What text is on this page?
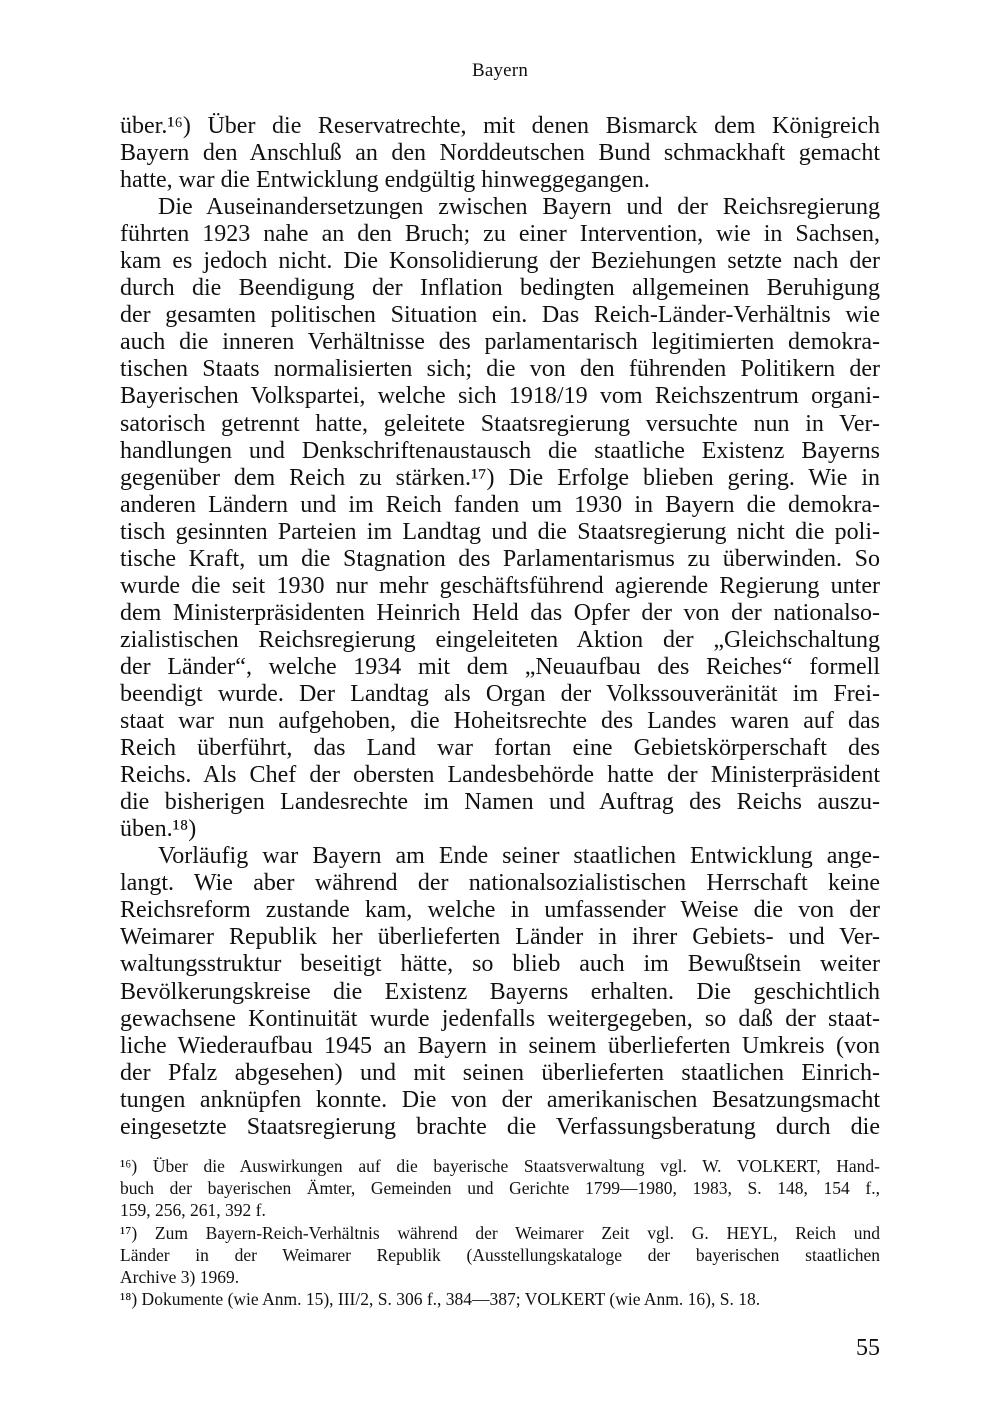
Bayern
über.¹⁶) Über die Reservatrechte, mit denen Bismarck dem Königreich
Bayern den Anschluß an den Norddeutschen Bund schmackhaft gemacht
hatte, war die Entwicklung endgültig hinweggegangen.
Die Auseinandersetzungen zwischen Bayern und der Reichsregierung
führten 1923 nahe an den Bruch; zu einer Intervention, wie in Sachsen,
kam es jedoch nicht. Die Konsolidierung der Beziehungen setzte nach der
durch die Beendigung der Inflation bedingten allgemeinen Beruhigung
der gesamten politischen Situation ein. Das Reich-Länder-Verhältnis wie
auch die inneren Verhältnisse des parlamentarisch legitimierten demokra-
tischen Staats normalisierten sich; die von den führenden Politikern der
Bayerischen Volkspartei, welche sich 1918/19 vom Reichszentrum organi-
satorisch getrennt hatte, geleitete Staatsregierung versuchte nun in Ver-
handlungen und Denkschriftenaustausch die staatliche Existenz Bayerns
gegenüber dem Reich zu stärken.¹⁷) Die Erfolge blieben gering. Wie in
anderen Ländern und im Reich fanden um 1930 in Bayern die demokra-
tisch gesinnten Parteien im Landtag und die Staatsregierung nicht die poli-
tische Kraft, um die Stagnation des Parlamentarismus zu überwinden. So
wurde die seit 1930 nur mehr geschäftsführend agierende Regierung unter
dem Ministerpräsidenten Heinrich Held das Opfer der von der nationalso-
zialistischen Reichsregierung eingeleiteten Aktion der „Gleichschaltung
der Länder“, welche 1934 mit dem „Neuaufbau des Reiches“ formell
beendigt wurde. Der Landtag als Organ der Volkssouveränität im Frei-
staat war nun aufgehoben, die Hoheitsrechte des Landes waren auf das
Reich überführt, das Land war fortan eine Gebietskörperschaft des
Reichs. Als Chef der obersten Landesbehörde hatte der Ministerpräsident
die bisherigen Landesrechte im Namen und Auftrag des Reichs auszu-
üben.¹⁸)
Vorläufig war Bayern am Ende seiner staatlichen Entwicklung ange-
langt. Wie aber während der nationalsozialistischen Herrschaft keine
Reichsreform zustande kam, welche in umfassender Weise die von der
Weimarer Republik her überlieferten Länder in ihrer Gebiets- und Ver-
waltungsstruktur beseitigt hätte, so blieb auch im Bewußtsein weiter
Bevölkerungskreise die Existenz Bayerns erhalten. Die geschichtlich
gewachsene Kontinuität wurde jedenfalls weitergegeben, so daß der staat-
liche Wiederaufbau 1945 an Bayern in seinem überlieferten Umkreis (von
der Pfalz abgesehen) und mit seinen überlieferten staatlichen Einrich-
tungen anknüpfen konnte. Die von der amerikanischen Besatzungsmacht
eingesetzte Staatsregierung brachte die Verfassungsberatung durch die
¹⁶) Über die Auswirkungen auf die bayerische Staatsverwaltung vgl. W. VOLKERT, Hand-
buch der bayerischen Ämter, Gemeinden und Gerichte 1799—1980, 1983, S. 148, 154 f.,
159, 256, 261, 392 f.
¹⁷) Zum Bayern-Reich-Verhältnis während der Weimarer Zeit vgl. G. HEYL, Reich und
Länder in der Weimarer Republik (Ausstellungskataloge der bayerischen staatlichen
Archive 3) 1969.
¹⁸) Dokumente (wie Anm. 15), III/2, S. 306 f., 384—387; VOLKERT (wie Anm. 16), S. 18.
55
